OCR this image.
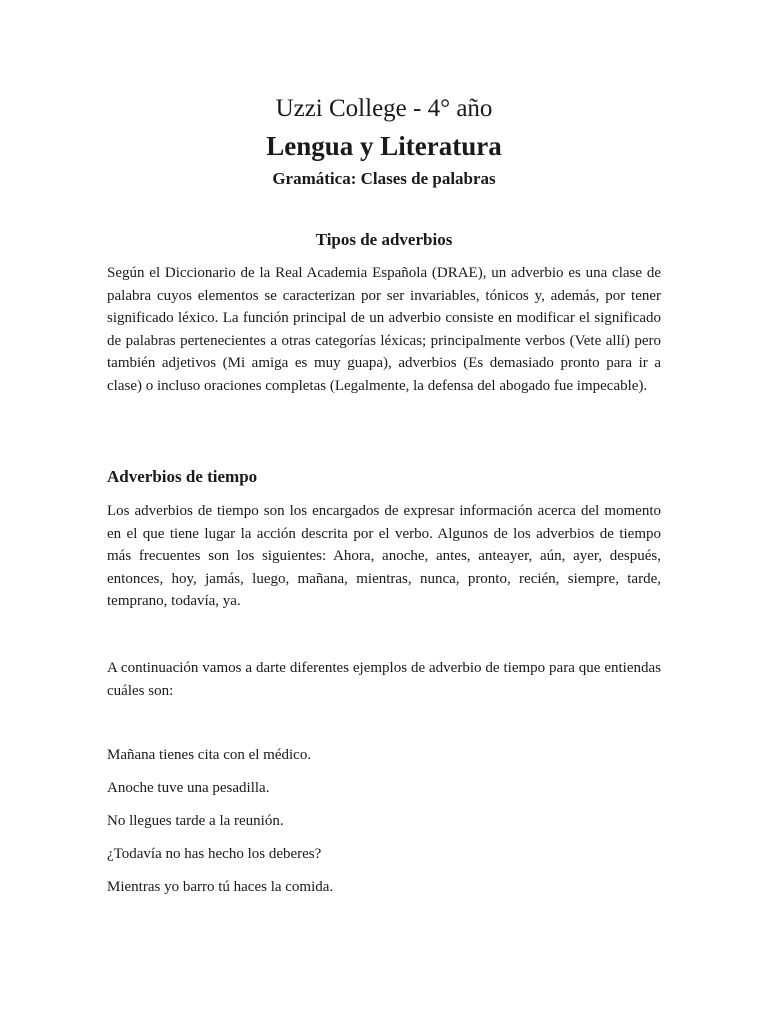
Uzzi College - 4° año

Lengua y Literatura

Gramática: Clases de palabras

Tipos de adverbios

Según el Diccionario de la Real Academia Española (DRAE), un adverbio es una clase de palabra cuyos elementos se caracterizan por ser invariables, tónicos y, además, por tener significado léxico. La función principal de un adverbio consiste en modificar el significado de palabras pertenecientes a otras categorías léxicas; principalmente verbos (Vete allí) pero también adjetivos (Mi amiga es muy guapa), adverbios (Es demasiado pronto para ir a clase) o incluso oraciones completas (Legalmente, la defensa del abogado fue impecable).

Adverbios de tiempo

Los adverbios de tiempo son los encargados de expresar información acerca del momento en el que tiene lugar la acción descrita por el verbo. Algunos de los adverbios de tiempo más frecuentes son los siguientes: Ahora, anoche, antes, anteayer, aún, ayer, después, entonces, hoy, jamás, luego, mañana, mientras, nunca, pronto, recién, siempre, tarde, temprano, todavía, ya.

A continuación vamos a darte diferentes ejemplos de adverbio de tiempo para que entiendas cuáles son:

Mañana tienes cita con el médico.
Anoche tuve una pesadilla.
No llegues tarde a la reunión.
¿Todavía no has hecho los deberes?
Mientras yo barro tú haces la comida.
